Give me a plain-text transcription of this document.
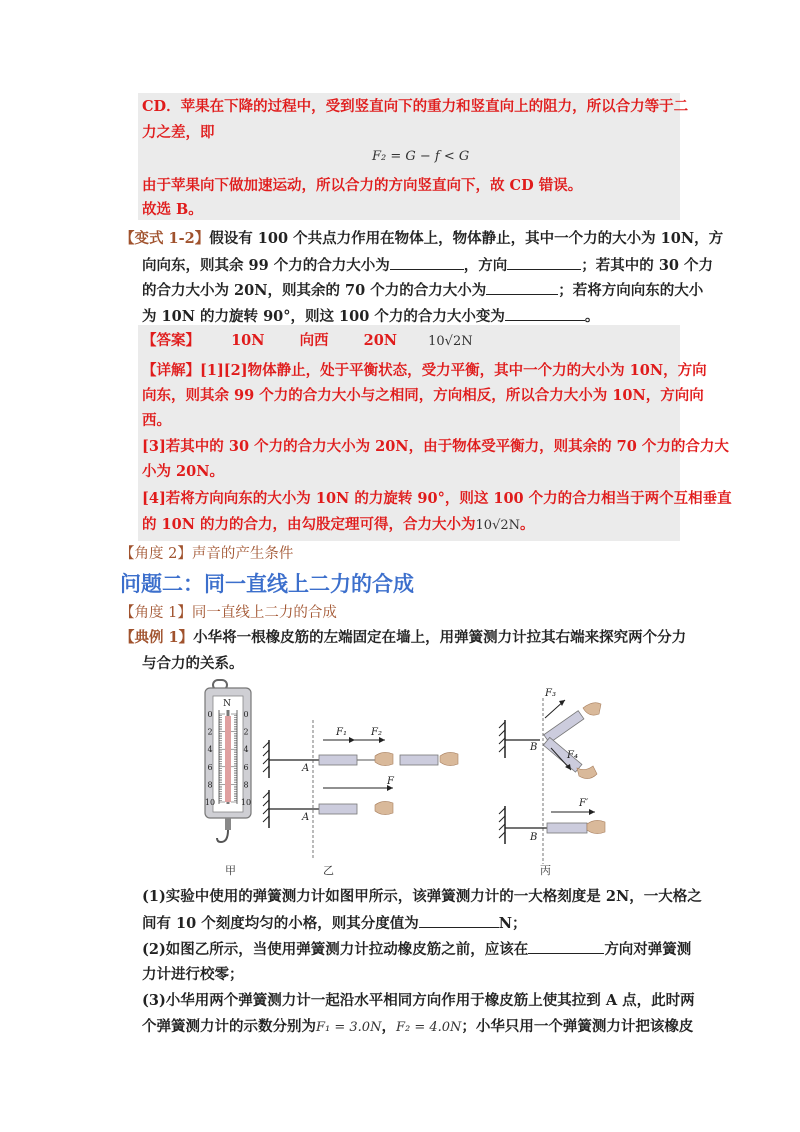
CD．苹果在下降的过程中，受到竖直向下的重力和竖直向上的阻力，所以合力等于二
力之差，即
F₂ = G − f < G
由于苹果向下做加速运动，所以合力的方向竖直向下，故 CD 错误。
故选 B。
【变式 1-2】假设有 100 个共点力作用在物体上，物体静止，其中一个力的大小为 10N，方
向向东，则其余 99 个力的合力大小为	，方向	；若其中的 30 个力
的合力大小为 20N，则其余的 70 个力的合力大小为	；若将方向向东的大小
为 10N 的力旋转 90°，则这 100 个力的合力大小变为	。
【答案】 10N 向西 20N 10√2N
【详解】[1][2]物体静止，处于平衡状态，受力平衡，其中一个力的大小为 10N，方向
向东，则其余 99 个力的合力大小与之相同，方向相反，所以合力大小为 10N，方向向
西。
[3]若其中的 30 个力的合力大小为 20N，由于物体受平衡力，则其余的 70 个力的合力大
小为 20N。
[4]若将方向向东的大小为 10N 的力旋转 90°，则这 100 个力的合力相当于两个互相垂直
的 10N 的力的合力，由勾股定理可得，合力大小为10√2N。
【角度 2】声音的产生条件
问题二：同一直线上二力的合成
【角度 1】同一直线上二力的合成
【典例 1】小华将一根橡皮筋的左端固定在墙上，用弹簧测力计拉其右端来探究两个分力
与合力的关系。
N
0	0
2	2
4	4
6	6
8	8
10	10
A
F₁ F₂
A
F
B
F₃
F₄
B
F′
甲	乙	丙
(1)实验中使用的弹簧测力计如图甲所示，该弹簧测力计的一大格刻度是 2N，一大格之
间有 10 个刻度均匀的小格，则其分度值为	N；
(2)如图乙所示，当使用弹簧测力计拉动橡皮筋之前，应该在	方向对弹簧测
力计进行校零；
(3)小华用两个弹簧测力计一起沿水平相同方向作用于橡皮筋上使其拉到 A 点，此时两
个弹簧测力计的示数分别为F₁ = 3.0N，F₂ = 4.0N；小华只用一个弹簧测力计把该橡皮
